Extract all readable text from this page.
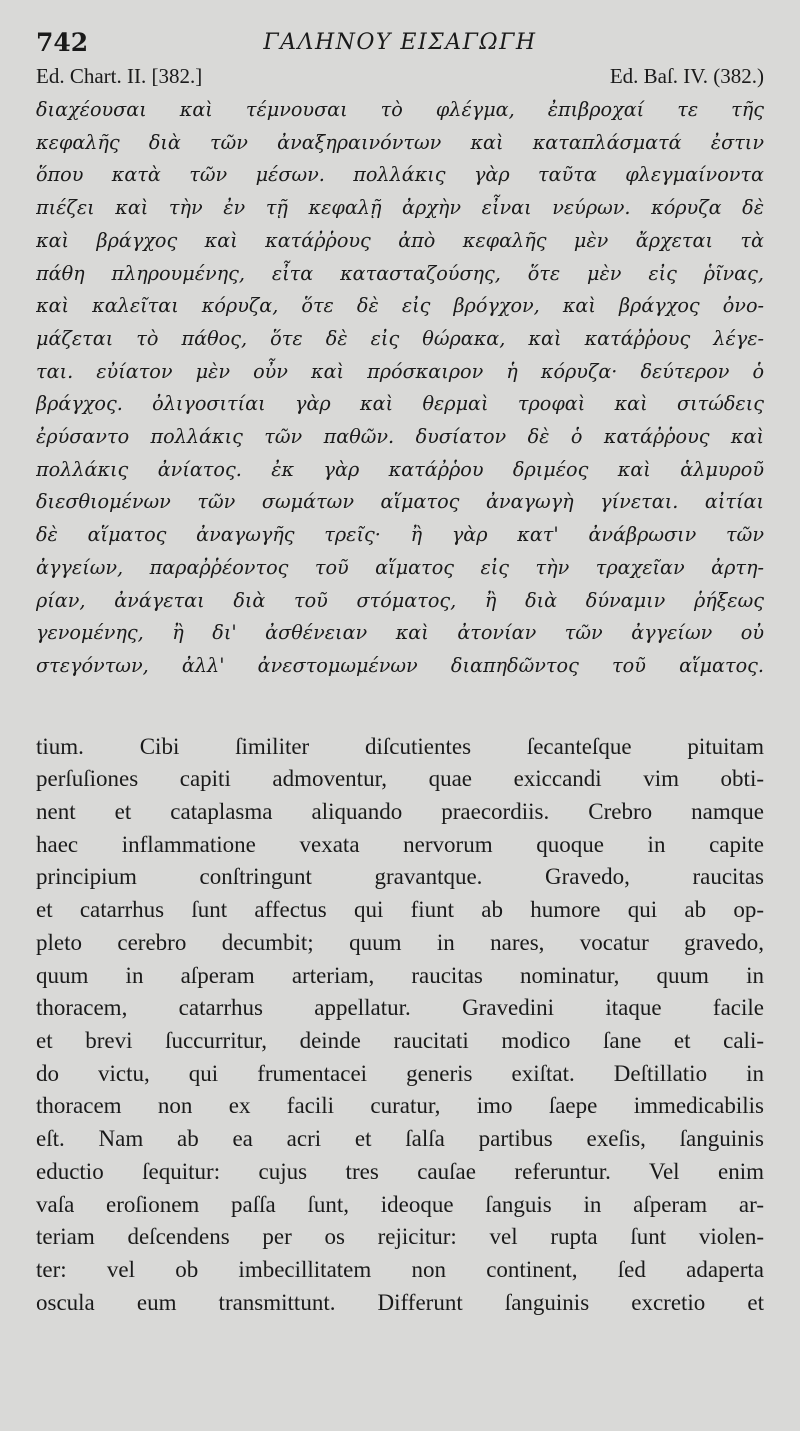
742	ΓΑΛΗΝΟΥ ΕΙΣΑΓΩΓΗ
Ed. Chart. II. [382.]	Ed. Baſ. IV. (382.)
διαχέουσαι καὶ τέμνουσαι τὸ φλέγμα, ἐπιβροχαί τε τῆς
κεφαλῆς διὰ τῶν ἀναξηραινόντων καὶ καταπλάσματά ἐστιν
ὅπου κατὰ τῶν μέσων. πολλάκις γὰρ ταῦτα φλεγμαίνοντα
πιέζει καὶ τὴν ἐν τῇ κεφαλῇ ἀρχὴν εἶναι νεύρων. κόρυζα δὲ
καὶ βράγχος καὶ κατάῤῥους ἀπὸ κεφαλῆς μὲν ἄρχεται τὰ
πάθη πληρουμένης, εἶτα κατασταζούσης, ὅτε μὲν εἰς ῥῖνας,
καὶ καλεῖται κόρυζα, ὅτε δὲ εἰς βρόγχον, καὶ βράγχος ὀνο-
μάζεται τὸ πάθος, ὅτε δὲ εἰς θώρακα, καὶ κατάῤῥους λέγε-
ται. εὐίατον μὲν οὖν καὶ πρόσκαιρον ἡ κόρυζα· δεύτερον ὁ
βράγχος. ὀλιγοσιτίαι γὰρ καὶ θερμαὶ τροφαὶ καὶ σιτώδεις
ἐρύσαντο πολλάκις τῶν παθῶν. δυσίατον δὲ ὁ κατάῤῥους καὶ
πολλάκις ἀνίατος. ἐκ γὰρ κατάῤῥου δριμέος καὶ ἁλμυροῦ
διεσθιομένων τῶν σωμάτων αἵματος ἀναγωγὴ γίνεται. αἰτίαι
δὲ αἵματος ἀναγωγῆς τρεῖς· ἢ γὰρ κατ' ἀνάβρωσιν τῶν
ἀγγείων, παραῤῥέοντος τοῦ αἵματος εἰς τὴν τραχεῖαν ἀρτη-
ρίαν, ἀνάγεται διὰ τοῦ στόματος, ἢ διὰ δύναμιν ῥήξεως
γενομένης, ἢ δι' ἀσθένειαν καὶ ἀτονίαν τῶν ἀγγείων οὐ
στεγόντων, ἀλλ' ἀνεστομωμένων διαπηδῶντος τοῦ αἵματος.
tium. Cibi ſimiliter diſcutientes ſecanteſque pituitam
perſuſiones capiti admoventur, quae exiccandi vim obti-
nent et cataplasma aliquando praecordiis. Crebro namque
haec inflammatione vexata nervorum quoque in capite
principium conſtringunt gravantque. Gravedo, raucitas
et catarrhus ſunt affectus qui fiunt ab humore qui ab op-
pleto cerebro decumbit; quum in nares, vocatur gravedo,
quum in aſperam arteriam, raucitas nominatur, quum in
thoracem, catarrhus appellatur. Gravedini itaque facile
et brevi ſuccurritur, deinde raucitati modico ſane et cali-
do victu, qui frumentacei generis exiſtat. Deſtillatio in
thoracem non ex facili curatur, imo ſaepe immedicabilis
eſt. Nam ab ea acri et ſalſa partibus exeſis, ſanguinis
eductio ſequitur: cujus tres cauſae referuntur. Vel enim
vaſa eroſionem paſſa ſunt, ideoque ſanguis in aſperam ar-
teriam deſcendens per os rejicitur: vel rupta ſunt violen-
ter: vel ob imbecillitatem non continent, ſed adaperta
oscula eum transmittunt. Differunt ſanguinis excretio et
